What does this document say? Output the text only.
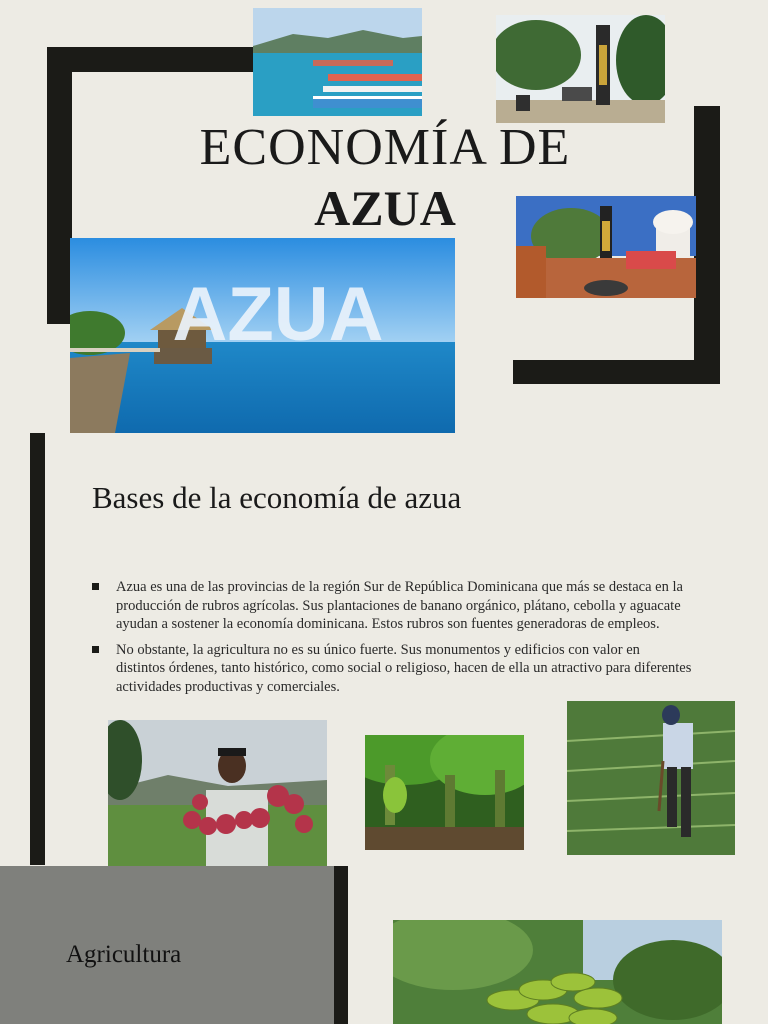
ECONOMÍA DE
AZUA
AZUA
Bases de la economía de azua
Azua es una de las provincias de la región Sur de República Dominicana que más se destaca en la producción de rubros agrícolas. Sus plantaciones de banano orgánico, plátano, cebolla y aguacate ayudan a sostener la economía dominicana. Estos rubros son fuentes generadoras de empleos.
No obstante, la agricultura no es su único fuerte. Sus monumentos y edificios con valor en distintos órdenes, tanto histórico, como social o religioso, hacen de ella un atractivo para diferentes actividades productivas y comerciales.
Agricultura
